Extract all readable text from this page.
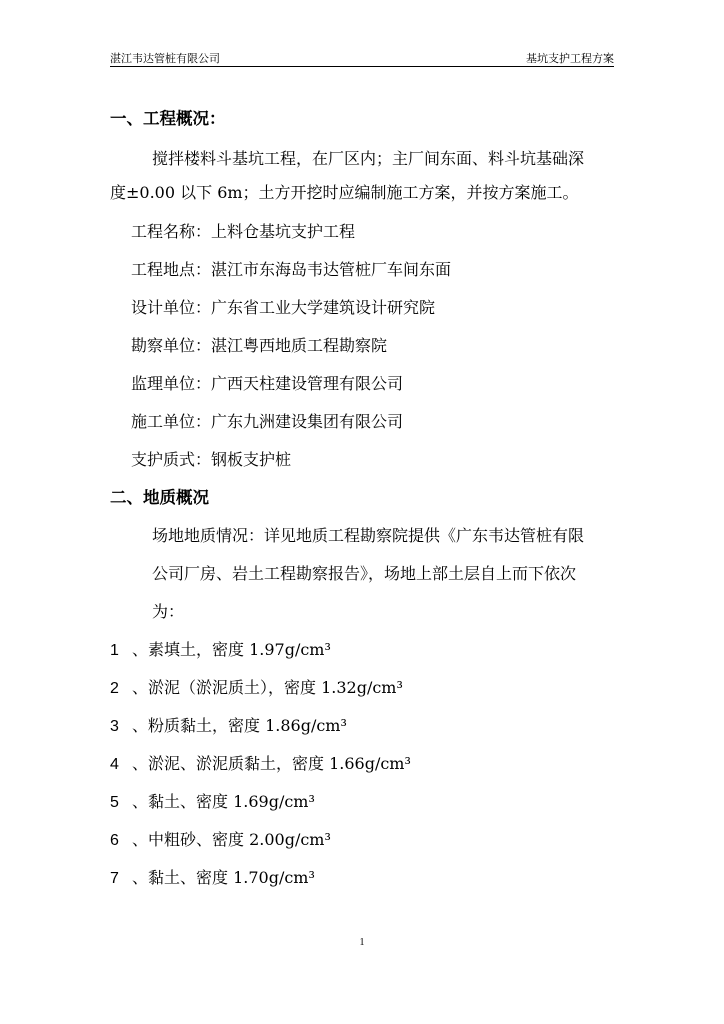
湛江韦达管桩有限公司	基坑支护工程方案
一、工程概况：
搅拌楼料斗基坑工程，在厂区内；主厂间东面、料斗坑基础深
度±0.00 以下 6m；土方开挖时应编制施工方案，并按方案施工。
工程名称：上料仓基坑支护工程
工程地点：湛江市东海岛韦达管桩厂车间东面
设计单位：广东省工业大学建筑设计研究院
勘察单位：湛江粤西地质工程勘察院
监理单位：广西天柱建设管理有限公司
施工单位：广东九洲建设集团有限公司
支护质式：钢板支护桩
二、地质概况
场地地质情况：详见地质工程勘察院提供《广东韦达管桩有限
公司厂房、岩土工程勘察报告》，场地上部土层自上而下依次
为：
1 、素填土，密度 1.97g/cm³
2 、淤泥（淤泥质土），密度 1.32g/cm³
3 、粉质黏土，密度 1.86g/cm³
4 、淤泥、淤泥质黏土，密度 1.66g/cm³
5 、黏土、密度 1.69g/cm³
6 、中粗砂、密度 2.00g/cm³
7 、黏土、密度 1.70g/cm³
1
